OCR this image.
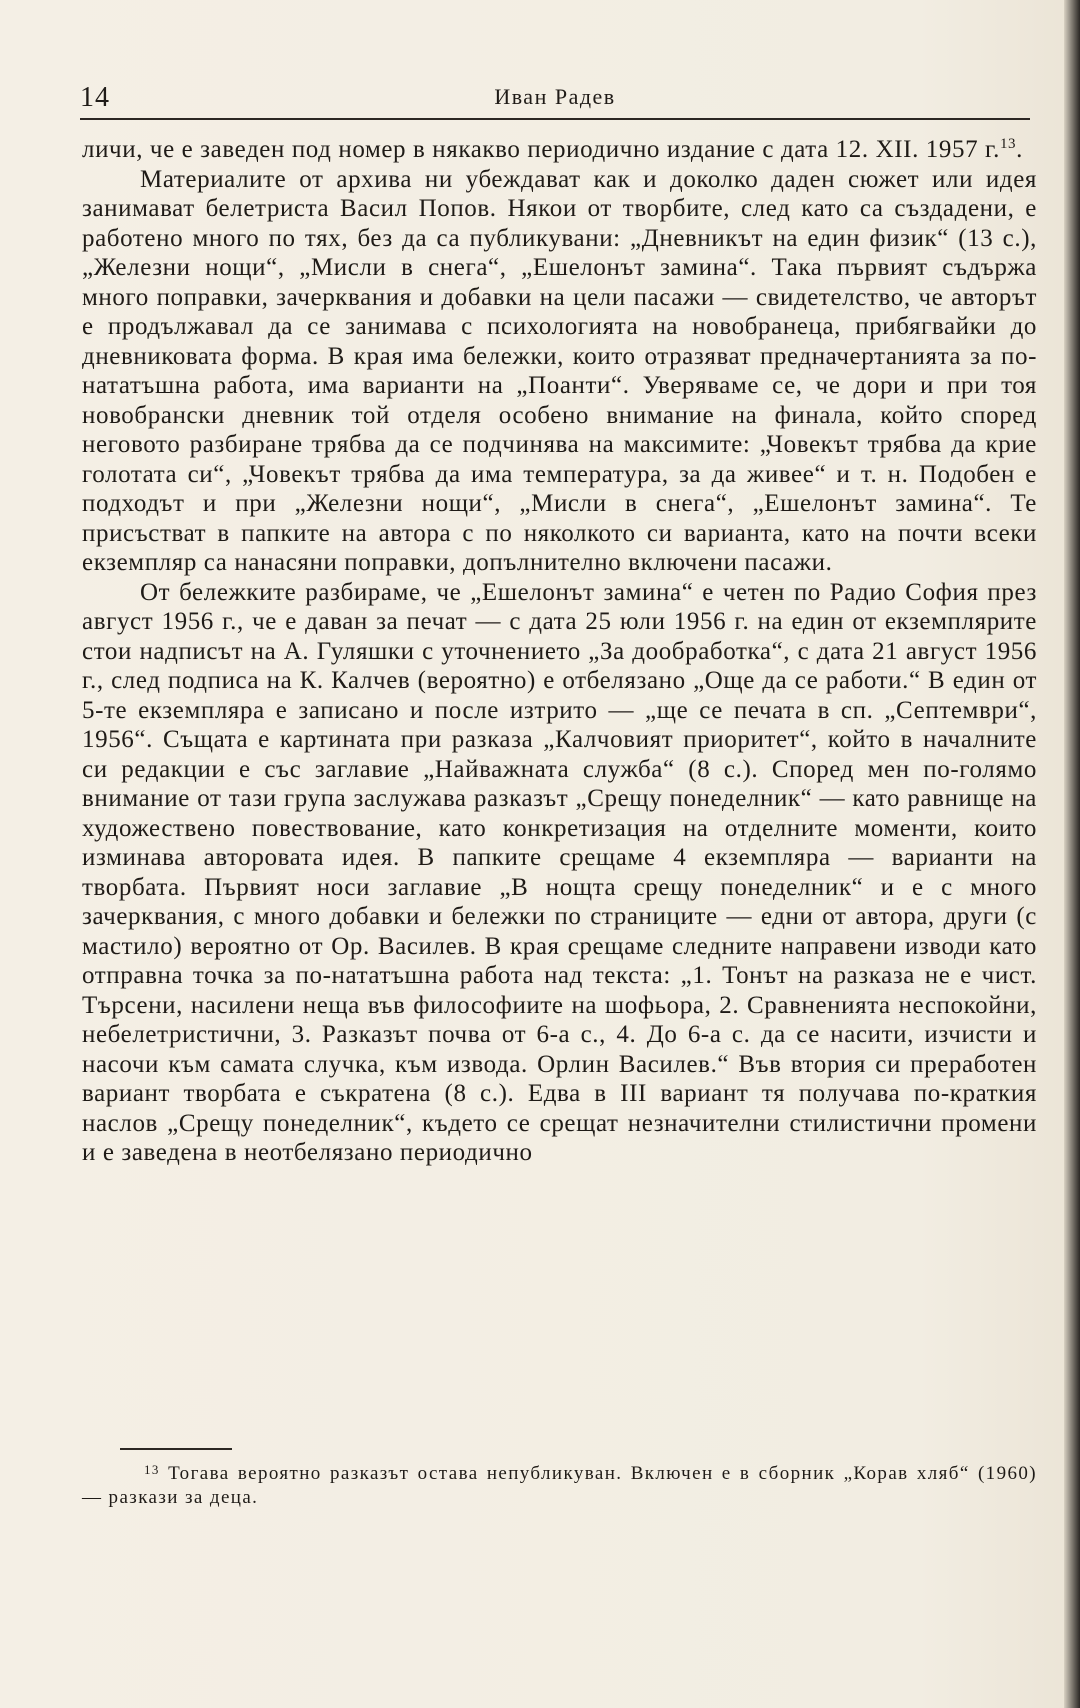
14	Иван Радев

личи, че е заведен под номер в някакво периодично издание с дата 12. XII. 1957 г.$^{13}$.

Материалите от архива ни убеждават как и доколко даден сюжет или идея занимават белетриста Васил Попов. Някои от творбите, след като са създадени, е работено много по тях, без да са публикувани: „Дневникът на един физик“ (13 с.), „Железни нощи“, „Мисли в снега“, „Ешелонът замина“. Така първият съдържа много поправки, зачерквания и добавки на цели пасажи — свидетелство, че авторът е продължавал да се занимава с психологията на новобранеца, прибягвайки до дневниковата форма. В края има бележки, които отразяват предначертанията за по-нататъшна работа, има варианти на „Поанти“. Уверяваме се, че дори и при тоя новобрански дневник той отделя особено внимание на финала, който според неговото разбиране трябва да се подчинява на максимите: „Човекът трябва да крие голотата си“, „Човекът трябва да има температура, за да живее“ и т. н. Подобен е подходът и при „Железни нощи“, „Мисли в снега“, „Ешелонът замина“. Те присъстват в папките на автора с по няколкото си варианта, като на почти всеки екземпляр са нанасяни поправки, допълнително включени пасажи.

От бележките разбираме, че „Ешелонът замина“ е четен по Радио София през август 1956 г., че е даван за печат — с дата 25 юли 1956 г. на един от екземплярите стои надписът на А. Гуляшки с уточнението „За дообработка“, с дата 21 август 1956 г., след подписа на К. Калчев (вероятно) е отбелязано „Още да се работи.“ В един от 5-те екземпляра е записано и после изтрито — „ще се печата в сп. „Септември“, 1956“. Същата е картината при разказа „Калчовият приоритет“, който в началните си редакции е със заглавие „Найважната служба“ (8 с.). Според мен по-голямо внимание от тази група заслужава разказът „Срещу понеделник“ — като равнище на художествено повествование, като конкретизация на отделните моменти, които изминава авторовата идея. В папките срещаме 4 екземпляра — варианти на творбата. Първият носи заглавие „В нощта срещу понеделник“ и е с много зачерквания, с много добавки и бележки по страниците — едни от автора, други (с мастило) вероятно от Ор. Василев. В края срещаме следните направени изводи като отправна точка за по-нататъшна работа над текста: „1. Тонът на разказа не е чист. Търсени, насилени неща във философиите на шофьора, 2. Сравненията неспокойни, небелетристични, 3. Разказът почва от 6-а с., 4. До 6-а с. да се насити, изчисти и насочи към самата случка, към извода. Орлин Василев.“ Във втория си преработен вариант творбата е съкратена (8 с.). Едва в III вариант тя получава по-краткия наслов „Срещу понеделник“, където се срещат незначителни стилистични промени и е заведена в неотбелязано периодично

$^{13}$ Тогава вероятно разказът остава непубликуван. Включен е в сборник „Корав хляб“ (1960) — разкази за деца.
